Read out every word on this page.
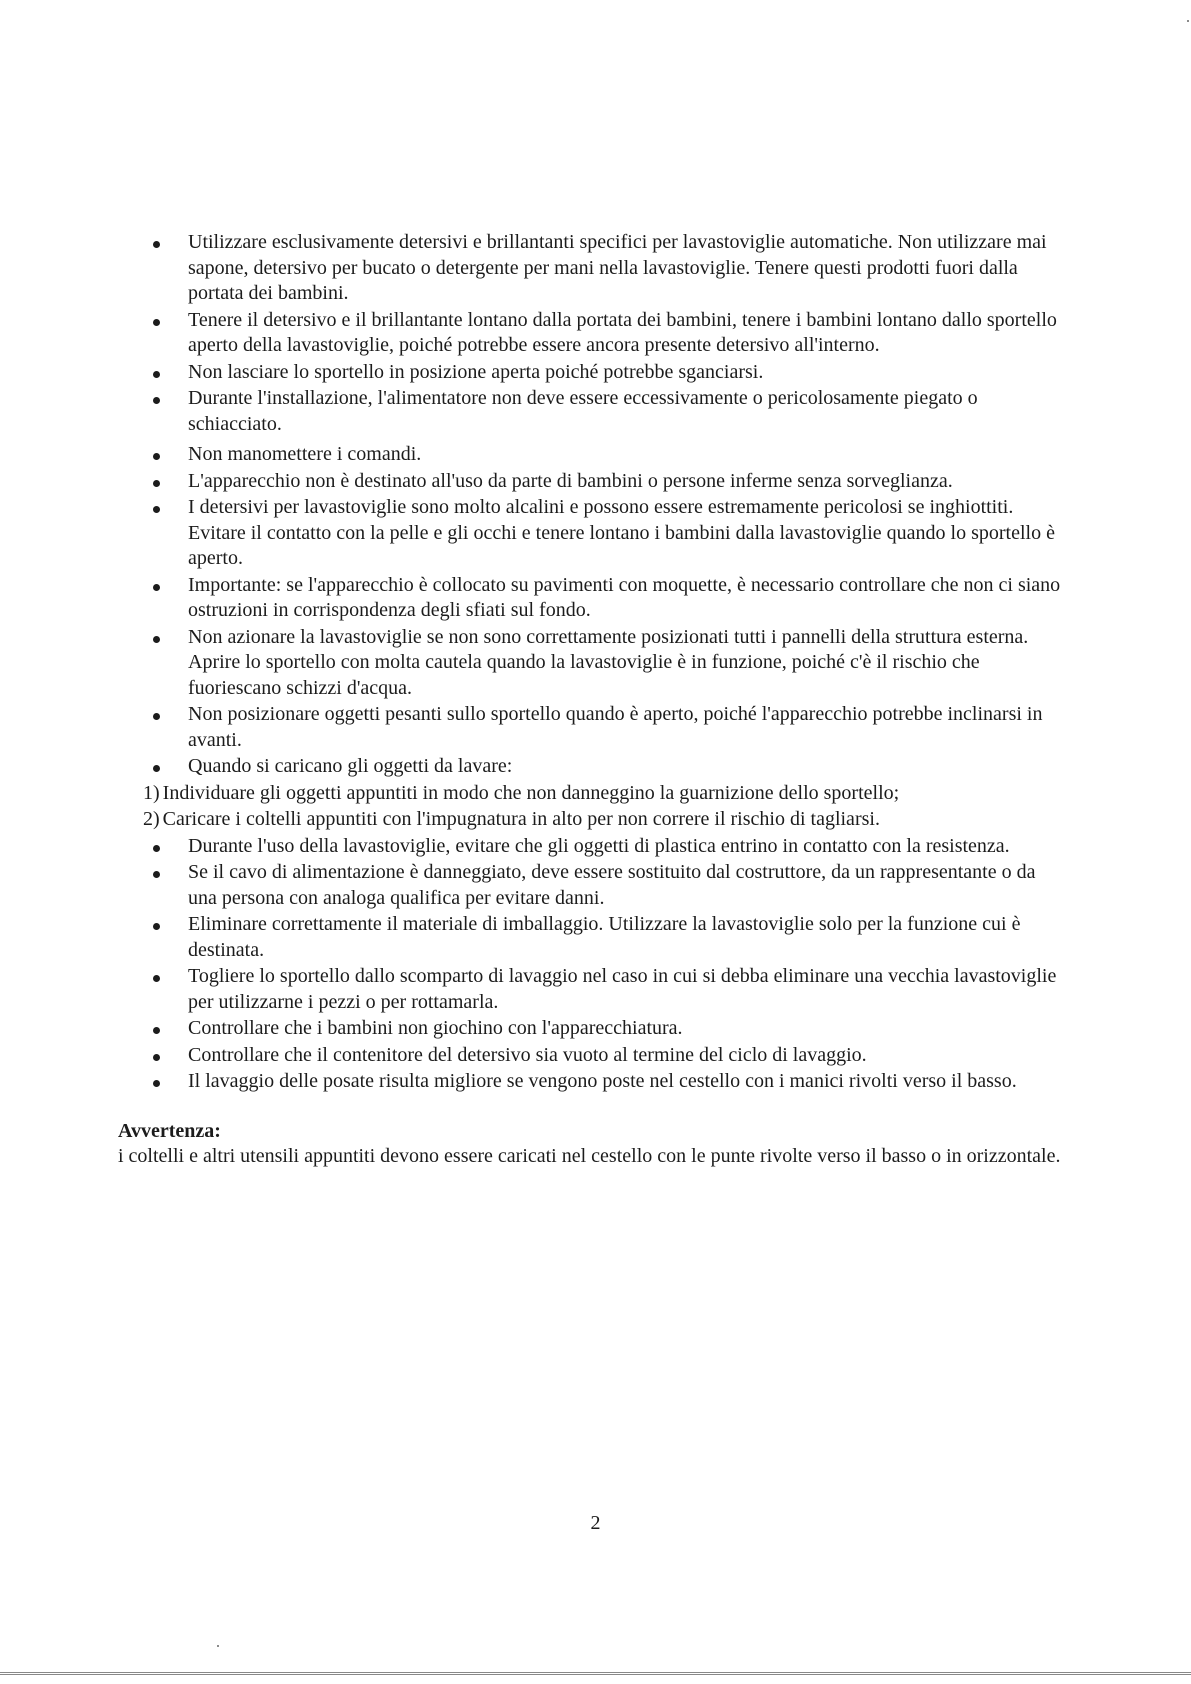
Utilizzare esclusivamente detersivi e brillantanti specifici per lavastoviglie automatiche. Non utilizzare mai sapone, detersivo per bucato o detergente per mani nella lavastoviglie. Tenere questi prodotti fuori dalla portata dei bambini.
Tenere il detersivo e il brillantante lontano dalla portata dei bambini, tenere i bambini lontano dallo sportello aperto della lavastoviglie, poiché potrebbe essere ancora presente detersivo all'interno.
Non lasciare lo sportello in posizione aperta poiché potrebbe sganciarsi.
Durante l'installazione, l'alimentatore non deve essere eccessivamente o pericolosamente piegato o schiacciato.
Non manomettere i comandi.
L'apparecchio non è destinato all'uso da parte di bambini o persone inferme senza sorveglianza.
I detersivi per lavastoviglie sono molto alcalini e possono essere estremamente pericolosi se inghiottiti. Evitare il contatto con la pelle e gli occhi e tenere lontano i bambini dalla lavastoviglie quando lo sportello è aperto.
Importante: se l'apparecchio è collocato su pavimenti con moquette, è necessario controllare che non ci siano ostruzioni in corrispondenza degli sfiati sul fondo.
Non azionare la lavastoviglie se non sono correttamente posizionati tutti i pannelli della struttura esterna. Aprire lo sportello con molta cautela quando la lavastoviglie è in funzione, poiché c'è il rischio che fuoriescano schizzi d'acqua.
Non posizionare oggetti pesanti sullo sportello quando è aperto, poiché l'apparecchio potrebbe inclinarsi in avanti.
Quando si caricano gli oggetti da lavare:
1) Individuare gli oggetti appuntiti in modo che non danneggino la guarnizione dello sportello;
2) Caricare i coltelli appuntiti con l'impugnatura in alto per non correre il rischio di tagliarsi.
Durante l'uso della lavastoviglie, evitare che gli oggetti di plastica entrino in contatto con la resistenza.
Se il cavo di alimentazione è danneggiato, deve essere sostituito dal costruttore, da un rappresentante o da una persona con analoga qualifica per evitare danni.
Eliminare correttamente il materiale di imballaggio. Utilizzare la lavastoviglie solo per la funzione cui è destinata.
Togliere lo sportello dallo scomparto di lavaggio nel caso in cui si debba eliminare una vecchia lavastoviglie per utilizzarne i pezzi o per rottamarla.
Controllare che i bambini non giochino con l'apparecchiatura.
Controllare che il contenitore del detersivo sia vuoto al termine del ciclo di lavaggio.
Il lavaggio delle posate risulta migliore se vengono poste nel cestello con i manici rivolti verso il basso.

Avvertenza:

i coltelli e altri utensili appuntiti devono essere caricati nel cestello con le punte rivolte verso il basso o in orizzontale.

2
